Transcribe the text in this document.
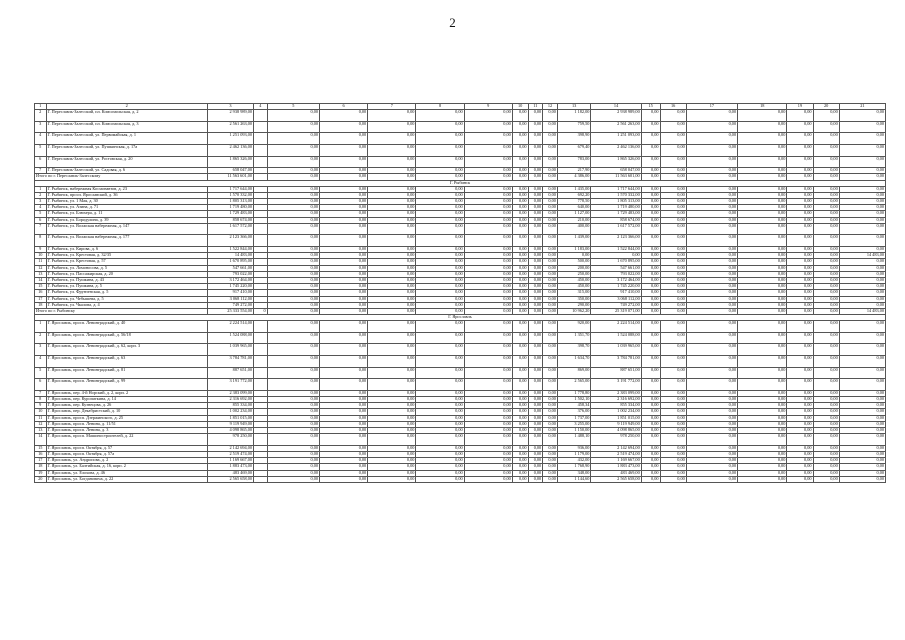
2
1	2	3	4	5	6	7	8	9	10	11	12	13	14	15	16	17	18	19	20	21
2	Г. Переславль-Залесский, пл. Комсомольская, д. 2	2 938 989,00		0,00	0,00	0,00	0,00	0,00	0,00	0,00	0,00	1 182,00	2 938 989,00	0,00	0,00	0,00	0,00	0,00	0,00	0,00
3	Г. Переславль-Залесский, пл. Комсомольская, д. 3	2 561 263,00		0,00	0,00	0,00	0,00	0,00	0,00	0,00	0,00	759,50	2 561 263,00	0,00	0,00	0,00	0,00	0,00	0,00	0,00
4	Г. Переславль-Залесский, ул. Первомайская, д. 1	1 251 093,00		0,00	0,00	0,00	0,00	0,00	0,00	0,00	0,00	398,90	1 251 093,00	0,00	0,00	0,00	0,00	0,00	0,00	0,00
5	Г. Переславль-Залесский, ул. Пушкинская, д. 17а	2 462 136,00		0,00	0,00	0,00	0,00	0,00	0,00	0,00	0,00	679,40	2 462 136,00	0,00	0,00	0,00	0,00	0,00	0,00	0,00
6	Г. Переславль-Залесский, ул. Ростовская, д. 20	1 865 326,00		0,00	0,00	0,00	0,00	0,00	0,00	0,00	0,00	783,00	1 865 326,00	0,00	0,00	0,00	0,00	0,00	0,00	0,00
7	Г. Переславль-Залесский, ул. Садовая, д. 6	658 047,00		0,00	0,00	0,00	0,00	0,00	0,00	0,00	0,00	217,90	658 047,00	0,00	0,00	0,00	0,00	0,00	0,00	0,00
Итого по г. Переславль-Залесскому		11 563 601,00		0,00	0,00	0,00	0,00	0,00	0,00	0,00	0,00	4 386,00	11 563 601,00	0,00	0,00	0,00	0,00	0,00	0,00	0,00
Г. Рыбинск																				
1	Г. Рыбинск, набережная Космонавтов, д. 23	1 717 644,00		0,00	0,00	0,00	0,00	0,00	0,00	0,00	0,00	1 435,00	1 717 644,00	0,00	0,00	0,00	0,00	0,00	0,00	0,00
2	Г. Рыбинск, просп. Ярославский, д. 36	1 570 332,00		0,00	0,00	0,00	0,00	0,00	0,00	0,00	0,00	692,20	1 570 332,00	0,00	0,00	0,00	0,00	0,00	0,00	0,00
3	Г. Рыбинск, ул. 1 Мая, д. 30	1 805 313,00		0,00	0,00	0,00	0,00	0,00	0,00	0,00	0,00	778,50	1 805 313,00	0,00	0,00	0,00	0,00	0,00	0,00	0,00
4	Г. Рыбинск, ул. Азина, д. 71	1 719 480,00		0,00	0,00	0,00	0,00	0,00	0,00	0,00	0,00	640,00	1 719 480,00	0,00	0,00	0,00	0,00	0,00	0,00	0,00
5	Г. Рыбинск, ул. Блюхера, д. 11	1 729 483,00		0,00	0,00	0,00	0,00	0,00	0,00	0,00	0,00	1 127,00	1 729 483,00	0,00	0,00	0,00	0,00	0,00	0,00	0,00
6	Г. Рыбинск, ул. Бородулина, д. 39	858 674,00		0,00	0,00	0,00	0,00	0,00	0,00	0,00	0,00	210,00	858 674,00	0,00	0,00	0,00	0,00	0,00	0,00	0,00
7	Г. Рыбинск, ул. Волжская набережная, д. 147	1 617 572,00		0,00	0,00	0,00	0,00	0,00	0,00	0,00	0,00	400,00	1 617 572,00	0,00	0,00	0,00	0,00	0,00	0,00	0,00
8	Г. Рыбинск, ул. Волжская набережная, д. 177	2 123 366,00		0,00	0,00	0,00	0,00	0,00	0,00	0,00	0,00	1 439,00	2 123 366,00	0,00	0,00	0,00	0,00	0,00	0,00	0,00
9	Г. Рыбинск, ул. Кирова, д. 6	1 522 844,00		0,00	0,00	0,00	0,00	0,00	0,00	0,00	0,00	1 183,00	1 522 844,00	0,00	0,00	0,00	0,00	0,00	0,00	0,00
10	Г. Рыбинск, ул. Крестовая, д. 32/35	14 483,00		0,00	0,00	0,00	0,00	0,00	0,00	0,00	0,00	0,00	0,00	0,00	0,00	0,00	0,00	0,00	0,00	14 483,00
11	Г. Рыбинск, ул. Крестовая, д. 57	1 670 895,00		0,00	0,00	0,00	0,00	0,00	0,00	0,00	0,00	500,00	1 670 895,00	0,00	0,00	0,00	0,00	0,00	0,00	0,00
12	Г. Рыбинск, ул. Ломоносова, д. 5	547 661,00		0,00	0,00	0,00	0,00	0,00	0,00	0,00	0,00	200,00	547 661,00	0,00	0,00	0,00	0,00	0,00	0,00	0,00
13	Г. Рыбинск, ул. Пассажирская, д. 20	793 022,00		0,00	0,00	0,00	0,00	0,00	0,00	0,00	0,00	250,00	793 022,00	0,00	0,00	0,00	0,00	0,00	0,00	0,00
14	Г. Рыбинск, ул. Пушкина, д. 43	3 172 464,00		0,00	0,00	0,00	0,00	0,00	0,00	0,00	0,00	450,00	3 172 464,00	0,00	0,00	0,00	0,00	0,00	0,00	0,00
15	Г. Рыбинск, ул. Пушкина, д. 5	1 745 220,00		0,00	0,00	0,00	0,00	0,00	0,00	0,00	0,00	450,00	1 745 220,00	0,00	0,00	0,00	0,00	0,00	0,00	0,00
16	Г. Рыбинск, ул. Фрунзенская, д. 5	917 410,00		0,00	0,00	0,00	0,00	0,00	0,00	0,00	0,00	315,00	917 410,00	0,00	0,00	0,00	0,00	0,00	0,00	0,00
17	Г. Рыбинск, ул. Чебышева, д. 5	3 068 112,00		0,00	0,00	0,00	0,00	0,00	0,00	0,00	0,00	350,00	3 068 112,00	0,00	0,00	0,00	0,00	0,00	0,00	0,00
18	Г. Рыбинск, ул. Чкалова, д. 4	749 272,00		0,00	0,00	0,00	0,00	0,00	0,00	0,00	0,00	290,00	749 272,00	0,00	0,00	0,00	0,00	0,00	0,00	0,00
Итого по г. Рыбинску		25 333 554,00	0	0,00	0,00	0,00	0,00	0,00	0,00	0,00	0,00	10 962,20	25 319 071,00	0,00	0,00	0,00	0,00	0,00	0,00	14 483,00
Г. Ярославль																				
1	Г. Ярославль, просп. Ленинградский, д. 40	2 224 514,00		0,00	0,00	0,00	0,00	0,00	0,00	0,00	0,00	920,00	2 224 514,00	0,00	0,00	0,00	0,00	0,00	0,00	0,00
2	Г. Ярославль, просп. Ленинградский, д. 56/18	1 524 088,00		0,00	0,00	0,00	0,00	0,00	0,00	0,00	0,00	1 351,70	1 524 088,00	0,00	0,00	0,00	0,00	0,00	0,00	0,00
3	Г. Ярославль, просп. Ленинградский, д. 62, корп. 3	1 039 965,00		0,00	0,00	0,00	0,00	0,00	0,00	0,00	0,00	398,70	1 039 965,00	0,00	0,00	0,00	0,00	0,00	0,00	0,00
4	Г. Ярославль, просп. Ленинградский, д. 63	3 784 781,00		0,00	0,00	0,00	0,00	0,00	0,00	0,00	0,00	1 634,70	3 784 781,00	0,00	0,00	0,00	0,00	0,00	0,00	0,00
5	Г. Ярославль, просп. Ленинградский, д. 81	887 651,00		0,00	0,00	0,00	0,00	0,00	0,00	0,00	0,00	869,00	887 651,00	0,00	0,00	0,00	0,00	0,00	0,00	0,00
6	Г. Ярославль, просп. Ленинградский, д. 99	3 191 772,00		0,00	0,00	0,00	0,00	0,00	0,00	0,00	0,00	2 565,00	3 191 772,00	0,00	0,00	0,00	0,00	0,00	0,00	0,00
7	Г. Ярославль, пер. 4-й Норский, д. 2, корп. 2	2 383 099,00		0,00	0,00	0,00	0,00	0,00	0,00	0,00	0,00	1 778,80	2 383 099,00	0,00	0,00	0,00	0,00	0,00	0,00	0,00
8	Г. Ярославль, пер. Куропаткина, д. 14	2 316 692,00		0,00	0,00	0,00	0,00	0,00	0,00	0,00	0,00	1 502,10	2 316 692,00	0,00	0,00	0,00	0,00	0,00	0,00	0,00
9	Г. Ярославль, пер. Кузнецова, д. 26	855 334,00		0,00	0,00	0,00	0,00	0,00	0,00	0,00	0,00	458,34	855 334,00	0,00	0,00	0,00	0,00	0,00	0,00	0,00
10	Г. Ярославль, пер. Декабристский, д. 10	1 002 234,00		0,00	0,00	0,00	0,00	0,00	0,00	0,00	0,00	376,00	1 002 234,00	0,00	0,00	0,00	0,00	0,00	0,00	0,00
11	Г. Ярославль, просп. Дзержинского, д. 25	1 851 015,00		0,00	0,00	0,00	0,00	0,00	0,00	0,00	0,00	1 737,00	1 851 015,00	0,00	0,00	0,00	0,00	0,00	0,00	0,00
12	Г. Ярославль, просп. Ленина, д. 11/51	9 119 949,00		0,00	0,00	0,00	0,00	0,00	0,00	0,00	0,00	3 255,00	9 119 949,00	0,00	0,00	0,00	0,00	0,00	0,00	0,00
13	Г. Ярославль, просп. Ленина, д. 3	4 098 865,00		0,00	0,00	0,00	0,00	0,00	0,00	0,00	0,00	1 150,00	4 098 865,00	0,00	0,00	0,00	0,00	0,00	0,00	0,00
14	Г. Ярославль, просп. Машиностроителей, д. 22	978 250,00		0,00	0,00	0,00	0,00	0,00	0,00	0,00	0,00	1 488,10	978 250,00	0,00	0,00	0,00	0,00	0,00	0,00	0,00
15	Г. Ярославль, просп. Октября, д. 57	2 142 694,00		0,00	0,00	0,00	0,00	0,00	0,00	0,00	0,00	936,00	2 142 694,00	0,00	0,00	0,00	0,00	0,00	0,00	0,00
16	Г. Ярославль, просп. Октября, д. 57а	2 519 474,00		0,00	0,00	0,00	0,00	0,00	0,00	0,00	0,00	1 179,00	2 519 474,00	0,00	0,00	0,00	0,00	0,00	0,00	0,00
17	Г. Ярославль, ул. Андропова, д. 2	1 169 667,00		0,00	0,00	0,00	0,00	0,00	0,00	0,00	0,00	432,00	1 169 667,00	0,00	0,00	0,00	0,00	0,00	0,00	0,00
18	Г. Ярославль, ул. Балтийская, д. 16, корп. 2	1 883 473,00		0,00	0,00	0,00	0,00	0,00	0,00	0,00	0,00	1 768,90	1 883 473,00	0,00	0,00	0,00	0,00	0,00	0,00	0,00
19	Г. Ярославль, ул. Елохова, д. 46	483 469,00		0,00	0,00	0,00	0,00	0,00	0,00	0,00	0,00	348,00	483 469,00	0,00	0,00	0,00	0,00	0,00	0,00	0,00
20	Г. Ярославль, ул. Богдановича, д. 22	2 565 658,00		0,00	0,00	0,00	0,00	0,00	0,00	0,00	0,00	1 144,60	2 565 658,00	0,00	0,00	0,00	0,00	0,00	0,00	0,00
